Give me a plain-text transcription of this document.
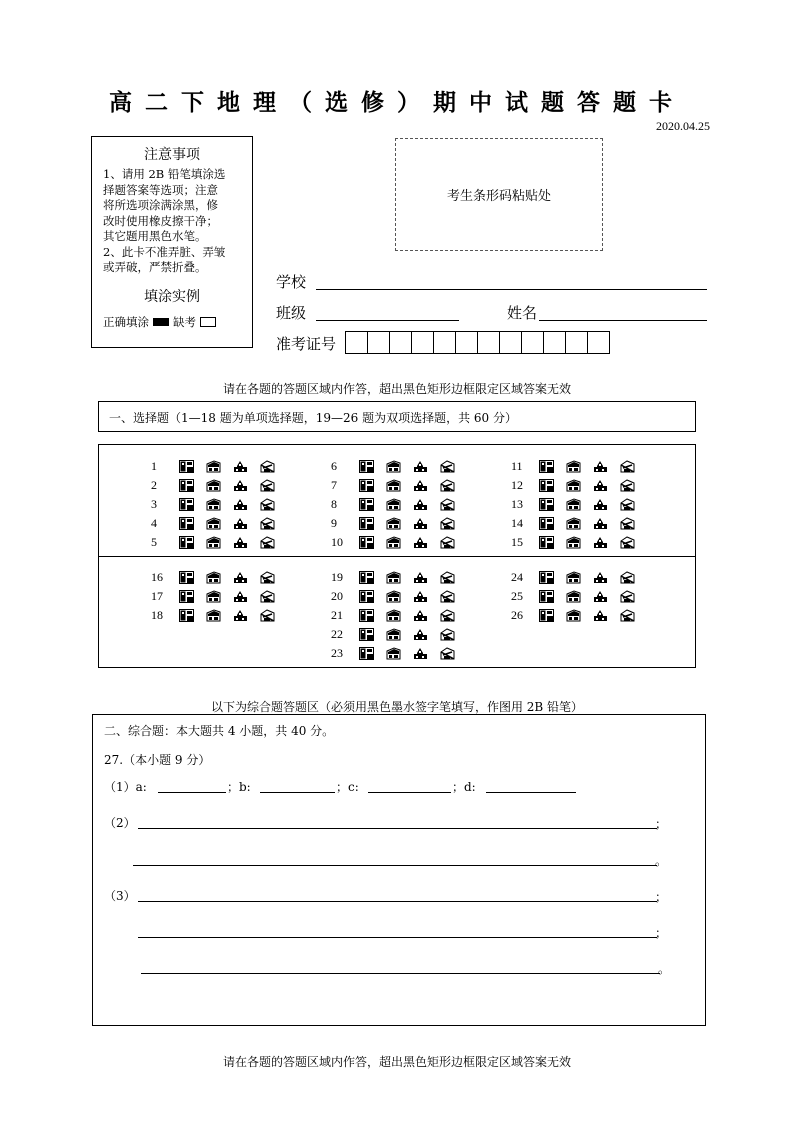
高二下地理（选修）期中试题答题卡
2020.04.25
注意事项
1、请用 2B 铅笔填涂选
择题答案等选项；注意
将所选项涂满涂黑，修
改时使用橡皮擦干净；
其它题用黑色水笔。
2、此卡不准弄脏、弄皱
或弄破，严禁折叠。
填涂实例
正确填涂 缺考
考生条形码粘贴处
学校
班级	姓名
准考证号
请在各题的答题区域内作答，超出黑色矩形边框限定区域答案无效
一、选择题（1—18 题为单项选择题，19—26 题为双项选择题，共 60 分）
1
2
3
4
5
6
7
8
9
10
11
12
13
14
15
16
17
18
19
20
21
22
23
24
25
26
以下为综合题答题区（必须用黑色墨水签字笔填写，作图用 2B 铅笔）
二、综合题：本大题共 4 小题，共 40 分。
27.（本小题 9 分）
（1）a:	；b:	；c:	；d:
（2）	；
。
（3）	；
；
。
请在各题的答题区域内作答，超出黑色矩形边框限定区域答案无效
